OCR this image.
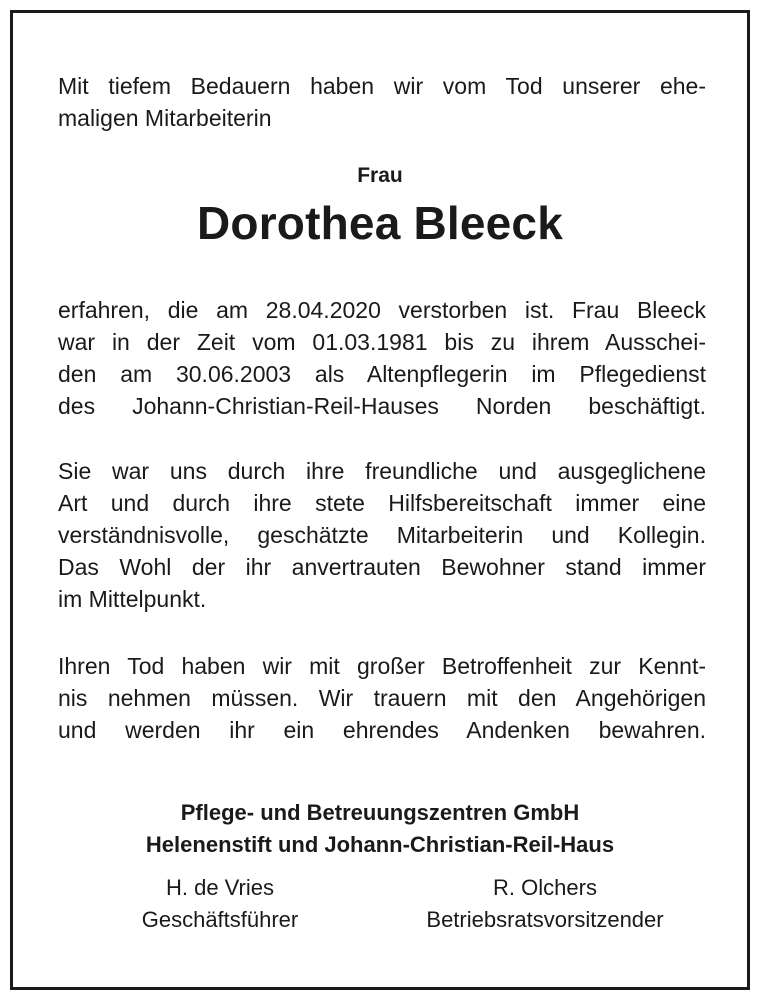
Mit tiefem Bedauern haben wir vom Tod unserer ehe-
maligen Mitarbeiterin
Frau
Dorothea Bleeck
erfahren, die am 28.04.2020 verstorben ist. Frau Bleeck
war in der Zeit vom 01.03.1981 bis zu ihrem Ausschei-
den am 30.06.2003 als Altenpflegerin im Pflegedienst
des Johann-Christian-Reil-Hauses Norden beschäftigt.
Sie war uns durch ihre freundliche und ausgeglichene
Art und durch ihre stete Hilfsbereitschaft immer eine
verständnisvolle, geschätzte Mitarbeiterin und Kollegin.
Das Wohl der ihr anvertrauten Bewohner stand immer
im Mittelpunkt.
Ihren Tod haben wir mit großer Betroffenheit zur Kennt-
nis nehmen müssen. Wir trauern mit den Angehörigen
und werden ihr ein ehrendes Andenken bewahren.
Pflege- und Betreuungszentren GmbH
Helenenstift und Johann-Christian-Reil-Haus
H. de Vries
Geschäftsführer
R. Olchers
Betriebsratsvorsitzender
